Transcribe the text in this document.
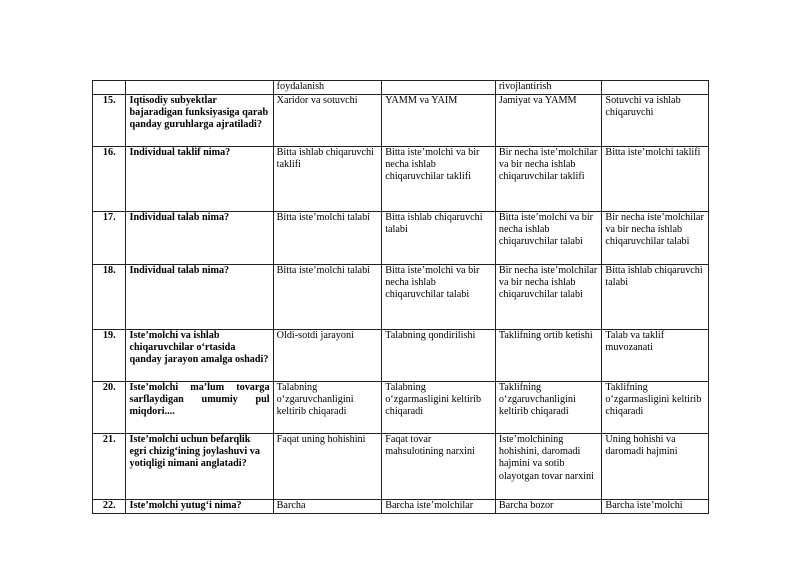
		foydalanish		rivojlantirish	
15.	Iqtisodiy subyektlar bajaradigan funksiyasiga qarab qanday guruhlarga ajratiladi?	Xaridor va sotuvchi	YAMM va YAIM	Jamiyat va YAMM	Sotuvchi va ishlab chiqaruvchi
16.	Individual taklif nima?	Bitta ishlab chiqaruvchi taklifi	Bitta iste’molchi va bir necha ishlab chiqaruvchilar taklifi	Bir necha iste’molchilar va bir necha ishlab chiqaruvchilar taklifi	Bitta iste’molchi taklifi
17.	Individual talab nima?	Bitta iste’molchi talabi	Bitta ishlab chiqaruvchi talabi	Bitta iste’molchi va bir necha ishlab chiqaruvchilar talabi	Bir necha iste’molchilar va bir necha ishlab chiqaruvchilar talabi
18.	Individual talab nima?	Bitta iste’molchi talabi	Bitta iste’molchi va bir necha ishlab chiqaruvchilar talabi	Bir necha iste’molchilar va bir necha ishlab chiqaruvchilar talabi	Bitta ishlab chiqaruvchi talabi
19.	Iste’molchi va ishlab chiqaruvchilar o‘rtasida qanday jarayon amalga oshadi?	Oldi-sotdi jarayoni	Talabning qondirilishi	Taklifning ortib ketishi	Talab va taklif muvozanati
20.	Iste’molchi ma’lum tovarga sarflaydigan umumiy pul miqdori....	Talabning o‘zgaruvchanligini keltirib chiqaradi	Talabning o‘zgarmasligini keltirib chiqaradi	Taklifning o‘zgaruvchanligini keltirib chiqaradi	Taklifning o‘zgarmasligini keltirib chiqaradi
21.	Iste’molchi uchun befarqlik egri chizig‘ining joylashuvi va yotiqligi nimani anglatadi?	Faqat uning hohishini	Faqat tovar mahsulotining narxini	Iste’molchining hohishini, daromadi hajmini va sotib olayotgan tovar narxini	Uning hohishi va daromadi hajmini
22.	Iste’molchi yutug‘i nima?	Barcha	Barcha iste’molchilar	Barcha bozor	Barcha iste’molchi
